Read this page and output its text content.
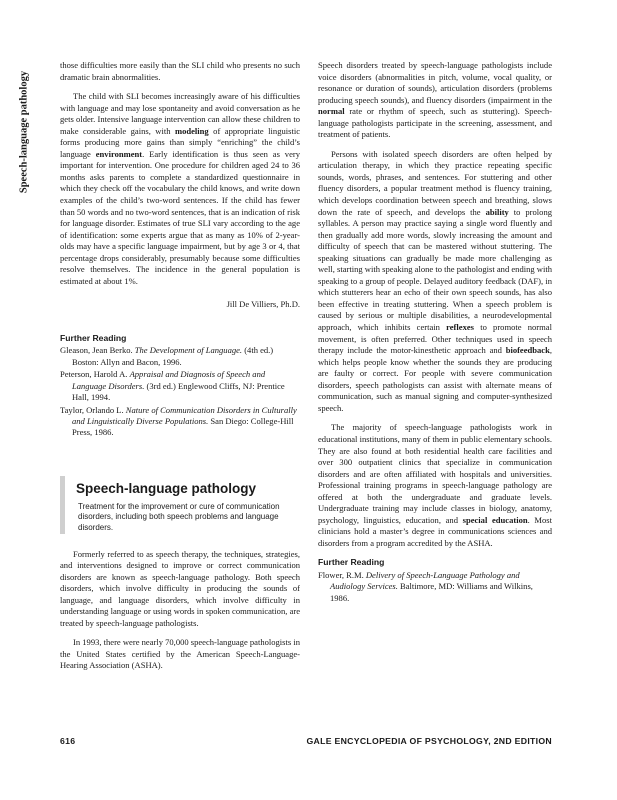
Speech-language pathology

those difficulties more easily than the SLI child who presents no such dramatic brain abnormalities.

The child with SLI becomes increasingly aware of his difficulties with language and may lose spontaneity and avoid conversation as he gets older. Intensive language intervention can allow these children to make considerable gains, with modeling of appropriate linguistic forms producing more gains than simply “enriching” the child’s language environment. Early identification is thus seen as very important for intervention. One procedure for children aged 24 to 36 months asks parents to complete a standardized questionnaire in which they check off the vocabulary the child knows, and write down examples of the child’s two-word sentences. If the child has fewer than 50 words and no two-word sentences, that is an indication of risk for language disorder. Estimates of true SLI vary according to the age of identification: some experts argue that as many as 10% of 2-year-olds may have a specific language impairment, but by age 3 or 4, that percentage drops considerably, presumably because some difficulties resolve themselves. The incidence in the general population is estimated at about 1%.

Jill De Villiers, Ph.D.
Further Reading
Gleason, Jean Berko. The Development of Language. (4th ed.) Boston: Allyn and Bacon, 1996.
Peterson, Harold A. Appraisal and Diagnosis of Speech and Language Disorders. (3rd ed.) Englewood Cliffs, NJ: Prentice Hall, 1994.
Taylor, Orlando L. Nature of Communication Disorders in Culturally and Linguistically Diverse Populations. San Diego: College-Hill Press, 1986.
Speech-language pathology

Treatment for the improvement or cure of communication disorders, including both speech problems and language disorders.

Formerly referred to as speech therapy, the techniques, strategies, and interventions designed to improve or correct communication disorders are known as speech-language pathology. Both speech disorders, which involve difficulty in producing the sounds of language, and language disorders, which involve difficulty in understanding language or using words in spoken communication, are treated by speech-language pathologists.

In 1993, there were nearly 70,000 speech-language pathologists in the United States certified by the American Speech-Language-Hearing Association (ASHA).

Speech disorders treated by speech-language pathologists include voice disorders (abnormalities in pitch, volume, vocal quality, or resonance or duration of sounds), articulation disorders (problems producing speech sounds), and fluency disorders (impairment in the normal rate or rhythm of speech, such as stuttering). Speech-language pathologists participate in the screening, assessment, and treatment of patients.

Persons with isolated speech disorders are often helped by articulation therapy, in which they practice repeating specific sounds, words, phrases, and sentences. For stuttering and other fluency disorders, a popular treatment method is fluency training, which develops coordination between speech and breathing, slows down the rate of speech, and develops the ability to prolong syllables. A person may practice saying a single word fluently and then gradually add more words, slowly increasing the amount and difficulty of speech that can be mastered without stuttering. The speaking situations can gradually be made more challenging as well, starting with speaking alone to the pathologist and ending with speaking to a group of people. Delayed auditory feedback (DAF), in which stutterers hear an echo of their own speech sounds, has also been effective in treating stuttering. When a speech problem is caused by serious or multiple disabilities, a neurodevelopmental approach, which inhibits certain reflexes to promote normal movement, is often preferred. Other techniques used in speech therapy include the motor-kinesthetic approach and biofeedback, which helps people know whether the sounds they are producing are faulty or correct. For people with severe communication disorders, speech pathologists can assist with alternate means of communication, such as manual signing and computer-synthesized speech.

The majority of speech-language pathologists work in educational institutions, many of them in public elementary schools. They are also found at both residential health care facilities and over 300 outpatient clinics that specialize in communication disorders and are often affiliated with hospitals and universities. Professional training programs in speech-language pathology are offered at both the undergraduate and graduate levels. Undergraduate training may include classes in biology, anatomy, psychology, linguistics, education, and special education. Most clinicians hold a master’s degree in communications sciences and disorders from a program accredited by the ASHA.

Further Reading
Flower, R.M. Delivery of Speech-Language Pathology and Audiology Services. Baltimore, MD: Williams and Wilkins, 1986.
616	GALE ENCYCLOPEDIA OF PSYCHOLOGY, 2ND EDITION
